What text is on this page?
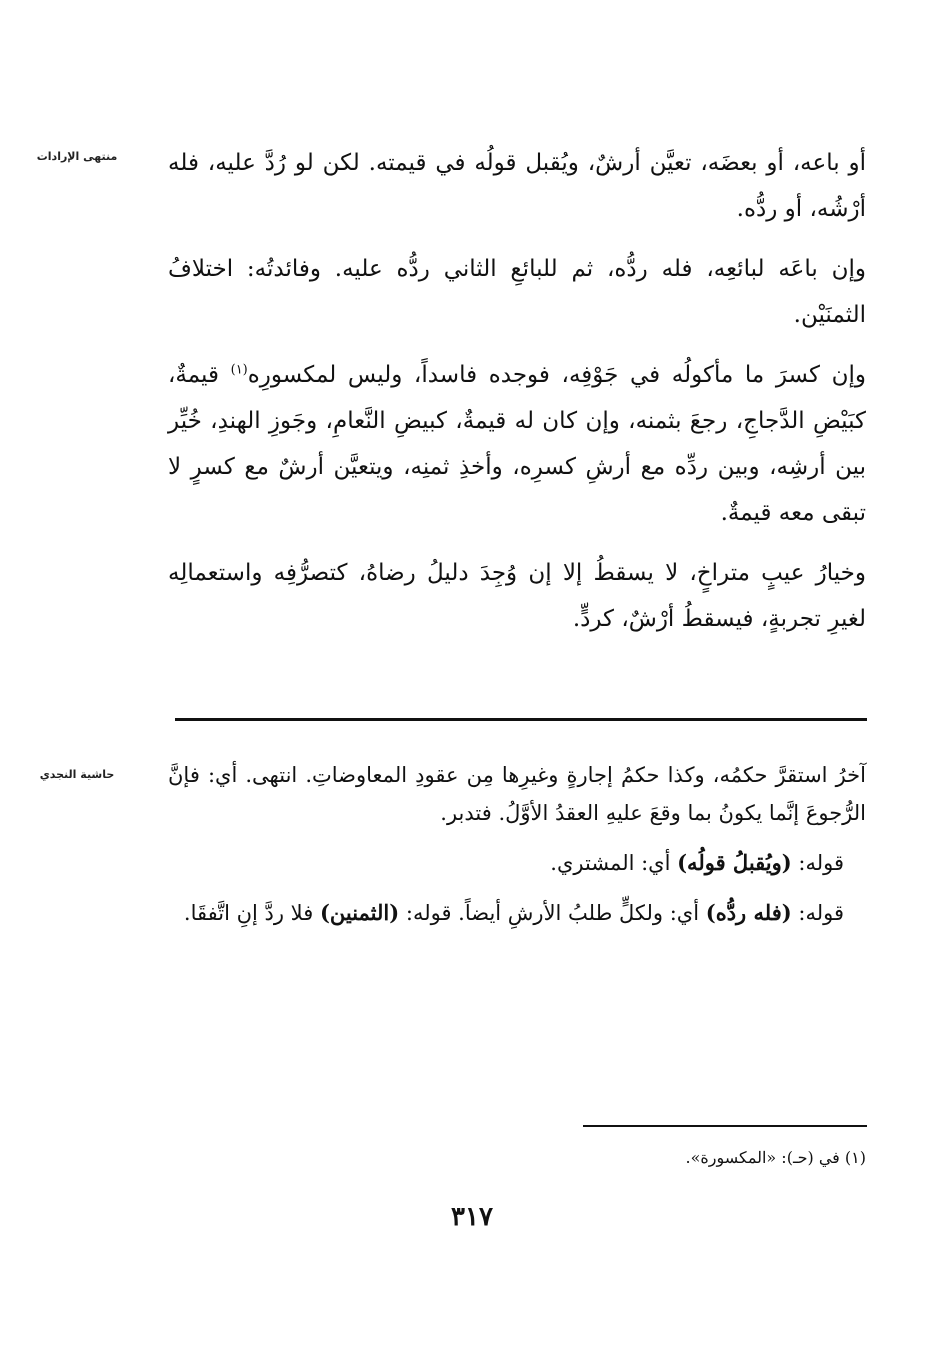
منتهى الإرادات	أو باعه، أو بعضَه، تعيَّن أرشٌ، ويُقبل قولُه في قيمته. لكن لو رُدَّ عليه، فله أرْشُه، أو ردُّه.

وإن باعَه لبائعِه، فله ردُّه، ثم للبائعِ الثاني ردُّه عليه. وفائدتُه: اختلافُ الثمنَيْن.

وإن كسرَ ما مأكولُه في جَوْفِه، فوجده فاسداً، وليس لمكسورِه$^{(١)}$ قيمةٌ، كبَيْضِ الدَّجاجِ، رجعَ بثمنه، وإن كان له قيمةٌ، كبيضِ النَّعامِ، وجَوزِ الهندِ، خُيِّر بين أرشِه، وبين ردِّه مع أرشِ كسرِه، وأخذِ ثمنِه، ويتعيَّن أرشٌ مع كسرٍ لا تبقى معه قيمةٌ.

وخيارُ عيبٍ متراخٍ، لا يسقطُ إلا إن وُجِدَ دليلُ رضاهُ، كتصرُّفِه واستعمالِه لغيرِ تجربةٍ، فيسقطُ أرْشٌ، كردٍّ.

حاشية النجدي	آخرُ استقرَّ حكمُه، وكذا حكمُ إجارةٍ وغيرِها مِن عقودِ المعاوضاتِ. انتهى. أي: فإنَّ الرُّجوعَ إنَّما يكونُ بما وقعَ عليهِ العقدُ الأوَّلُ. فتدبر.

قوله: (ويُقبلُ قولُه) أي: المشتري.

قوله: (فله ردُّه) أي: ولكلٍّ طلبُ الأرشِ أيضاً. قوله: (الثمنين) فلا ردَّ إنِ اتَّفقَا.

(١) في (حـ): «المكسورة».
٣١٧
